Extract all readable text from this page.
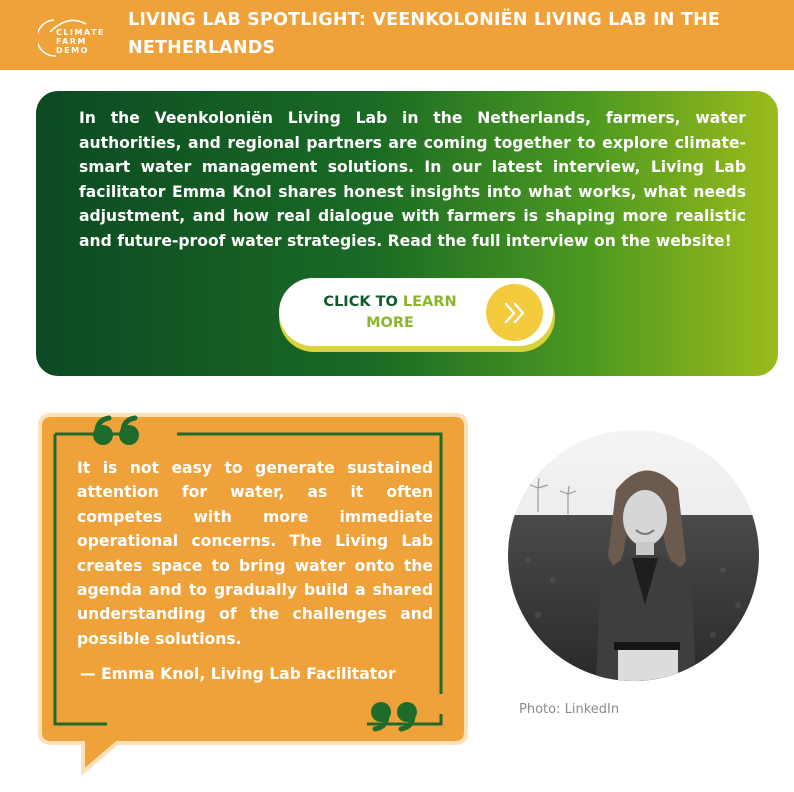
CLIMATE
FARM
DEMO
LIVING LAB SPOTLIGHT: VEENKOLONIËN LIVING LAB IN THE NETHERLANDS
In the Veenkoloniën Living Lab in the Netherlands, farmers, water authorities, and regional partners are coming together to explore climate-smart water management solutions. In our latest interview, Living Lab facilitator Emma Knol shares honest insights into what works, what needs adjustment, and how real dialogue with farmers is shaping more realistic and future-proof water strategies. Read the full interview on the website!
CLICK TO LEARN
MORE
It is not easy to generate sustained attention for water, as it often competes with more immediate operational concerns. The Living Lab creates space to bring water onto the agenda and to gradually build a shared understanding of the challenges and possible solutions.
— Emma Knol, Living Lab Facilitator
Photo: LinkedIn
